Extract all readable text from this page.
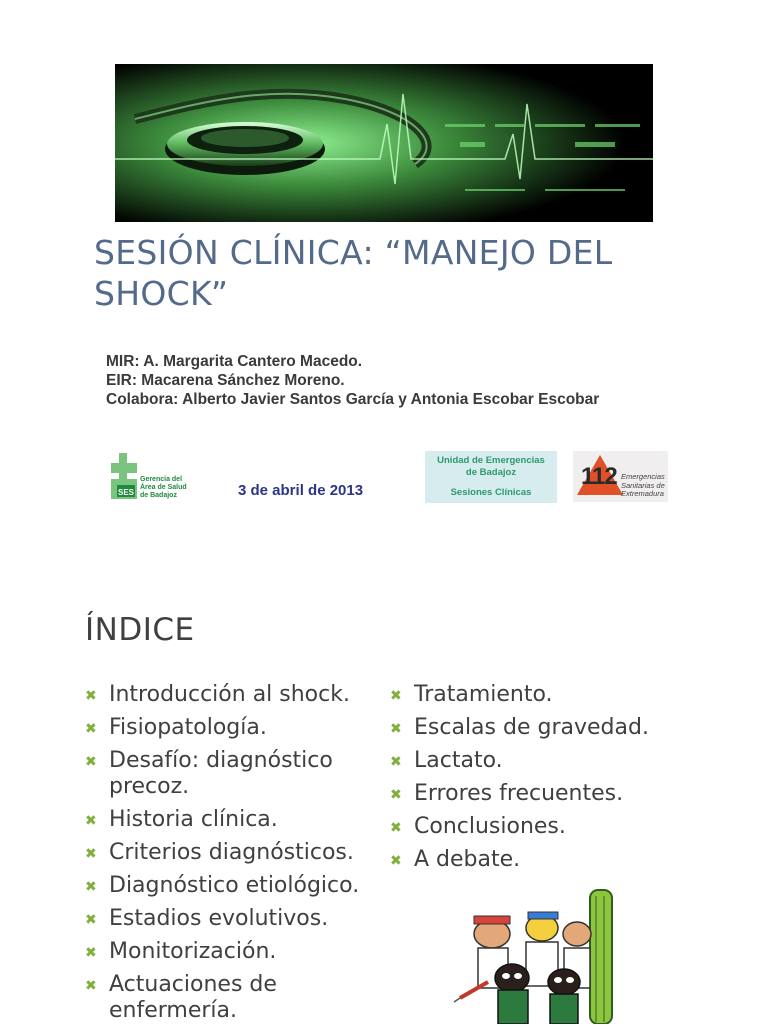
SESIÓN CLÍNICA: “MANEJO DEL SHOCK”
MIR: A. Margarita Cantero Macedo.
EIR: Macarena Sánchez Moreno.
Colabora: Alberto Javier Santos García y Antonia Escobar Escobar
SES
Gerencia del
Área de Salud
de Badajoz	3 de abril de 2013
Unidad de Emergencias
de Badajoz
Sesiones Clínicas
112 Emergencias
Sanitarias de
Extremadura
ÍNDICE
✖ Introducción al shock.
✖ Fisiopatología.
✖ Desafío: diagnóstico precoz.
✖ Historia clínica.
✖ Criterios diagnósticos.
✖ Diagnóstico etiológico.
✖ Estadios evolutivos.
✖ Monitorización.
✖ Actuaciones de enfermería.
✖ Tratamiento.
✖ Escalas de gravedad.
✖ Lactato.
✖ Errores frecuentes.
✖ Conclusiones.
✖ A debate.
